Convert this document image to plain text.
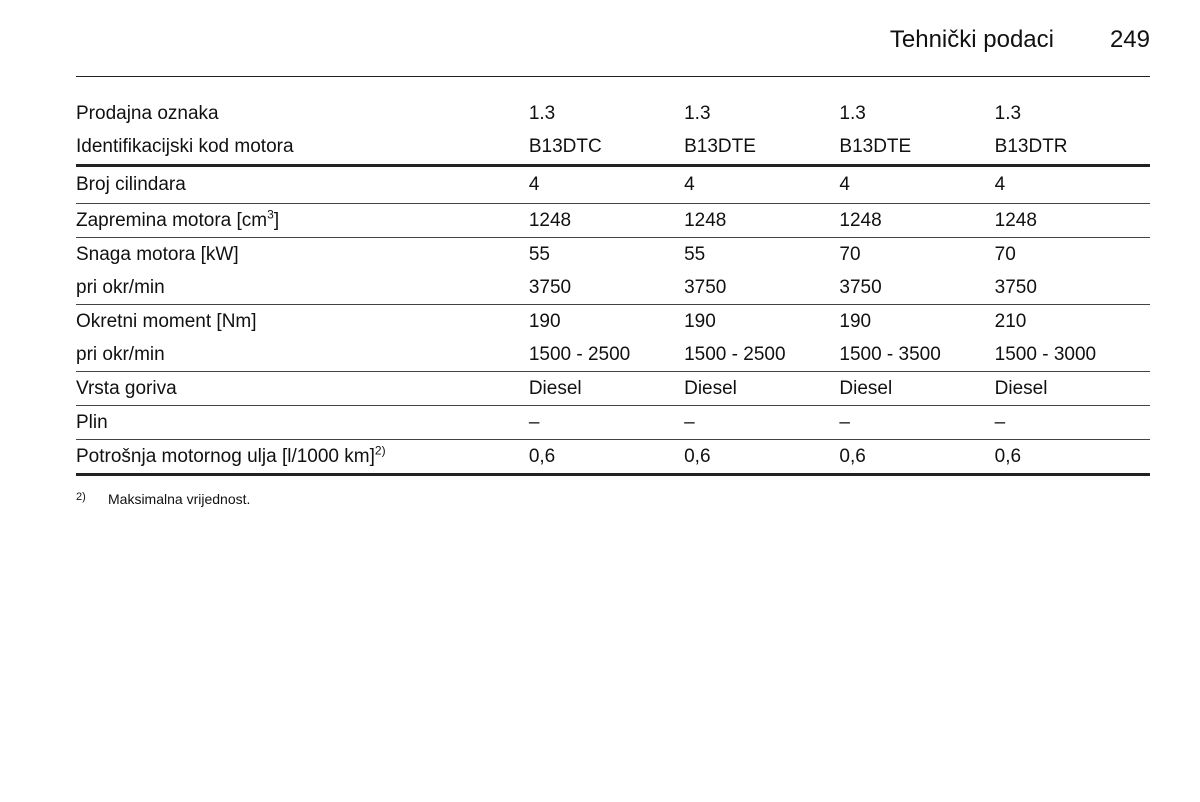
Tehnički podaci 249
Prodajna oznaka	1.3	1.3	1.3	1.3
Identifikacijski kod motora	B13DTC	B13DTE	B13DTE	B13DTR
Broj cilindara	4	4	4	4
Zapremina motora $[cm^3]$	1248	1248	1248	1248
Snaga motora [kW]	55	55	70	70
pri okr/min	3750	3750	3750	3750
Okretni moment [Nm]	190	190	190	210
pri okr/min	1500 - 2500	1500 - 2500	1500 - 3500	1500 - 3000
Vrsta goriva	Diesel	Diesel	Diesel	Diesel
Plin	–	–	–	–
Potrošnja motornog ulja [l/1000 km]$^{2)}$	0,6	0,6	0,6	0,6
2) Maksimalna vrijednost.
